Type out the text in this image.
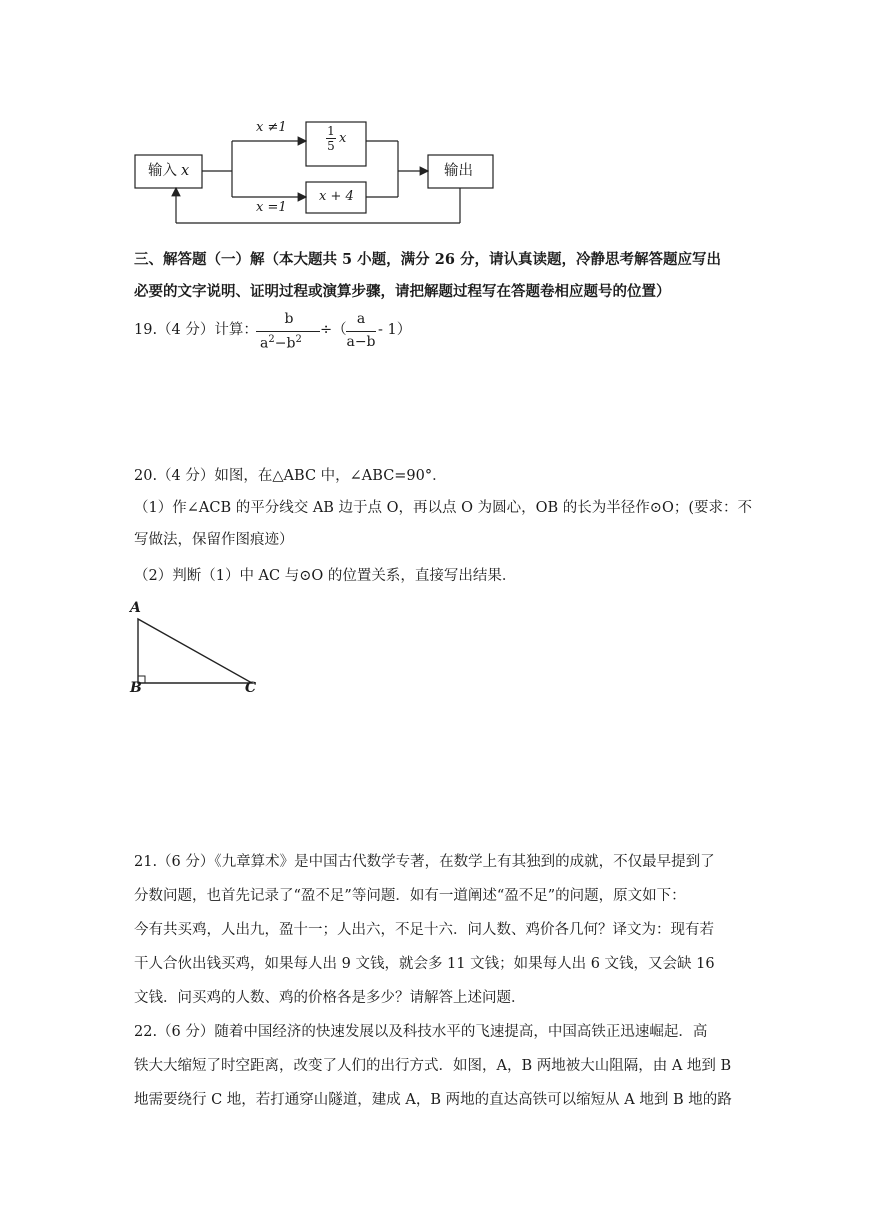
输入 x
x ≠1
x =1
1
5 x
x + 4
输出
三、解答题（一）解（本大题共 5 小题，满分 26 分，请认真读题，冷静思考解答题应写出
必要的文字说明、证明过程或演算步骤，请把解题过程写在答题卷相应题号的位置）
19.（4 分）计算：
b
$a^2-b^2$
÷（
a
a−b
- 1）
20.（4 分）如图，在△ABC 中，∠ABC=90°．
（1）作∠ACB 的平分线交 AB 边于点 O，再以点 O 为圆心，OB 的长为半径作⊙O；(要求：不
写做法，保留作图痕迹）
（2）判断（1）中 AC 与⊙O 的位置关系，直接写出结果．
A
B	C
21.（6 分）《九章算术》是中国古代数学专著，在数学上有其独到的成就，不仅最早提到了
分数问题，也首先记录了“盈不足”等问题．如有一道阐述“盈不足”的问题，原文如下：
今有共买鸡，人出九，盈十一；人出六，不足十六．问人数、鸡价各几何？译文为：现有若
干人合伙出钱买鸡，如果每人出 9 文钱，就会多 11 文钱；如果每人出 6 文钱，又会缺 16
文钱．问买鸡的人数、鸡的价格各是多少？请解答上述问题．
22.（6 分）随着中国经济的快速发展以及科技水平的飞速提高，中国高铁正迅速崛起．高
铁大大缩短了时空距离，改变了人们的出行方式．如图，A，B 两地被大山阻隔，由 A 地到 B
地需要绕行 C 地，若打通穿山隧道，建成 A，B 两地的直达高铁可以缩短从 A 地到 B 地的路
